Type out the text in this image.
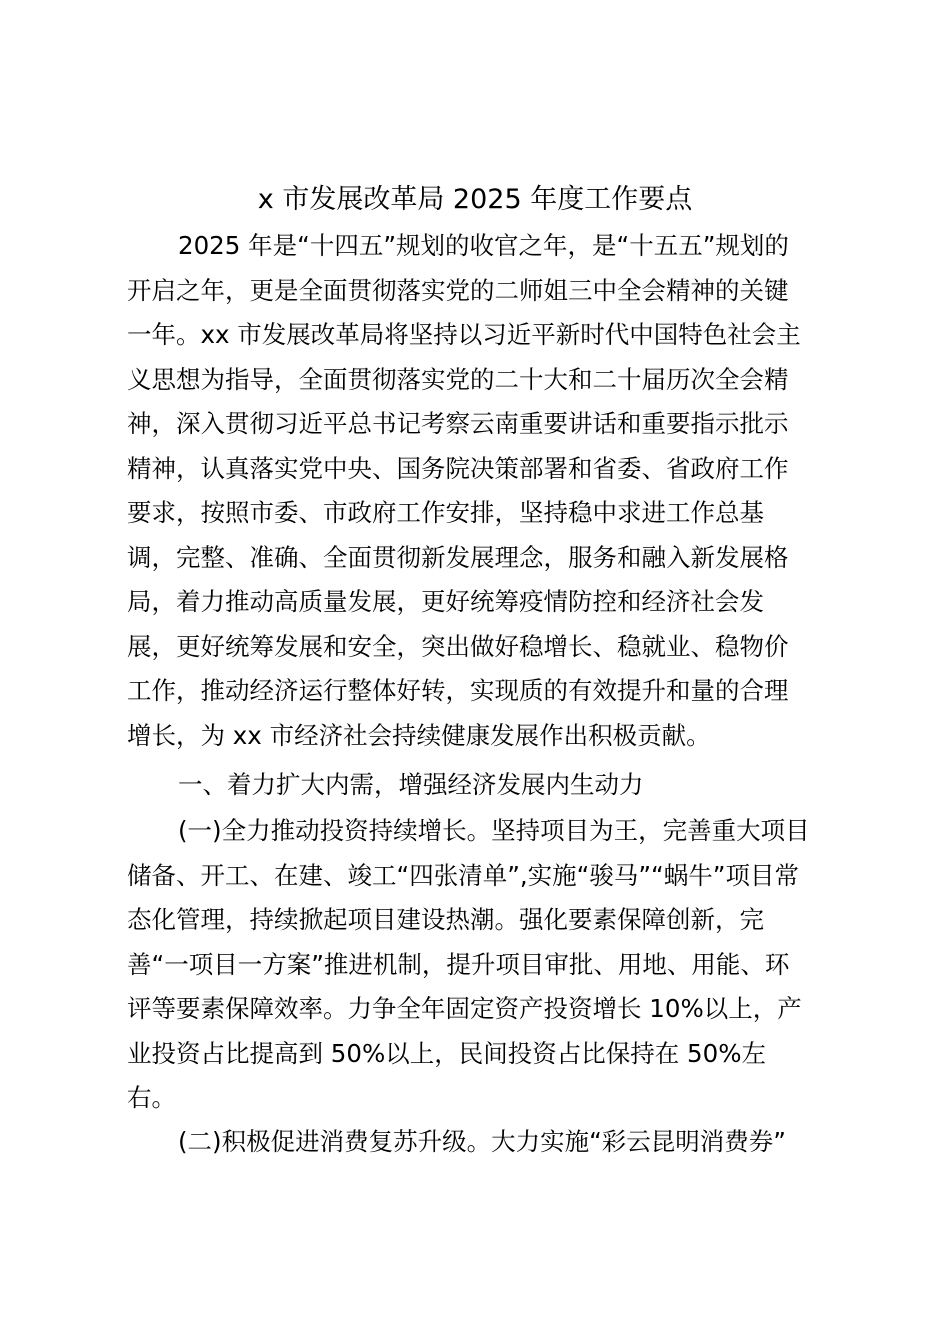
x 市发展改革局 2025 年度工作要点
2025 年是“十四五”规划的收官之年，是“十五五”规划的
开启之年，更是全面贯彻落实党的二师姐三中全会精神的关键
一年。xx 市发展改革局将坚持以习近平新时代中国特色社会主
义思想为指导，全面贯彻落实党的二十大和二十届历次全会精
神，深入贯彻习近平总书记考察云南重要讲话和重要指示批示
精神，认真落实党中央、国务院决策部署和省委、省政府工作
要求，按照市委、市政府工作安排，坚持稳中求进工作总基
调，完整、准确、全面贯彻新发展理念，服务和融入新发展格
局，着力推动高质量发展，更好统筹疫情防控和经济社会发
展，更好统筹发展和安全，突出做好稳增长、稳就业、稳物价
工作，推动经济运行整体好转，实现质的有效提升和量的合理
增长，为 xx 市经济社会持续健康发展作出积极贡献。
一、着力扩大内需，增强经济发展内生动力
(一)全力推动投资持续增长。坚持项目为王，完善重大项目
储备、开工、在建、竣工“四张清单”,实施“骏马”“蜗牛”项目常
态化管理，持续掀起项目建设热潮。强化要素保障创新，完
善“一项目一方案”推进机制，提升项目审批、用地、用能、环
评等要素保障效率。力争全年固定资产投资增长 10%以上，产
业投资占比提高到 50%以上，民间投资占比保持在 50%左
右。
(二)积极促进消费复苏升级。大力实施“彩云昆明消费券”
